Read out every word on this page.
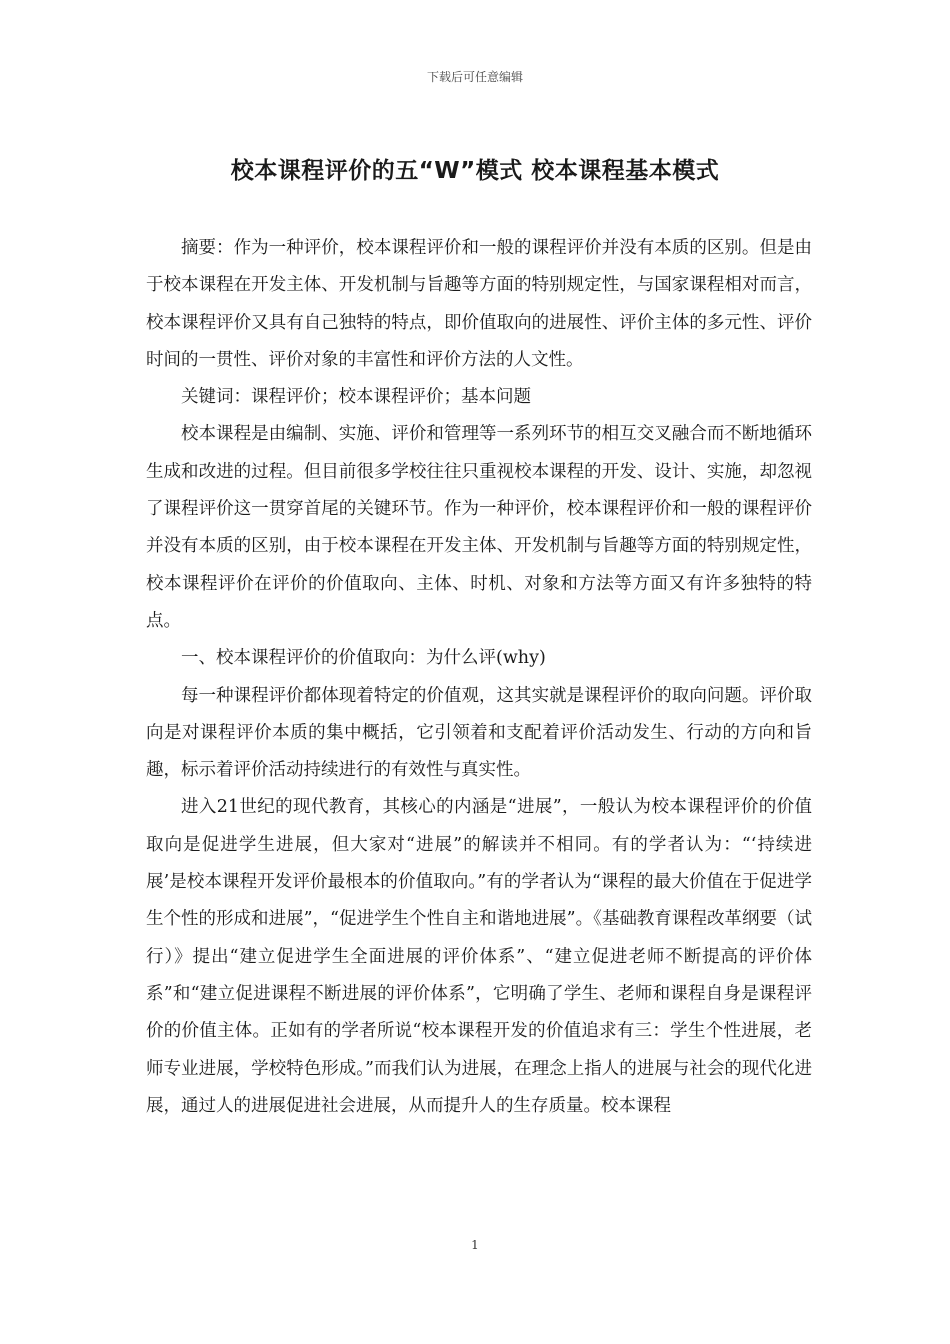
下载后可任意编辑
校本课程评价的五“W”模式 校本课程基本模式

摘要：作为一种评价，校本课程评价和一般的课程评价并没有本质的区别。但是由于校本课程在开发主体、开发机制与旨趣等方面的特别规定性，与国家课程相对而言，校本课程评价又具有自己独特的特点，即价值取向的进展性、评价主体的多元性、评价时间的一贯性、评价对象的丰富性和评价方法的人文性。

关键词：课程评价；校本课程评价；基本问题

校本课程是由编制、实施、评价和管理等一系列环节的相互交叉融合而不断地循环生成和改进的过程。但目前很多学校往往只重视校本课程的开发、设计、实施，却忽视了课程评价这一贯穿首尾的关键环节。作为一种评价，校本课程评价和一般的课程评价并没有本质的区别，由于校本课程在开发主体、开发机制与旨趣等方面的特别规定性，校本课程评价在评价的价值取向、主体、时机、对象和方法等方面又有许多独特的特点。

一、校本课程评价的价值取向：为什么评(why)

每一种课程评价都体现着特定的价值观，这其实就是课程评价的取向问题。评价取向是对课程评价本质的集中概括，它引领着和支配着评价活动发生、行动的方向和旨趣，标示着评价活动持续进行的有效性与真实性。

进入21世纪的现代教育，其核心的内涵是“进展”，一般认为校本课程评价的价值取向是促进学生进展，但大家对“进展”的解读并不相同。有的学者认为：“‘持续进展’是校本课程开发评价最根本的价值取向。”有的学者认为“课程的最大价值在于促进学生个性的形成和进展”，“促进学生个性自主和谐地进展”。《基础教育课程改革纲要（试行）》提出“建立促进学生全面进展的评价体系”、“建立促进老师不断提高的评价体系”和“建立促进课程不断进展的评价体系”，它明确了学生、老师和课程自身是课程评价的价值主体。正如有的学者所说“校本课程开发的价值追求有三：学生个性进展，老师专业进展，学校特色形成。”而我们认为进展，在理念上指人的进展与社会的现代化进展，通过人的进展促进社会进展，从而提升人的生存质量。校本课程

1
